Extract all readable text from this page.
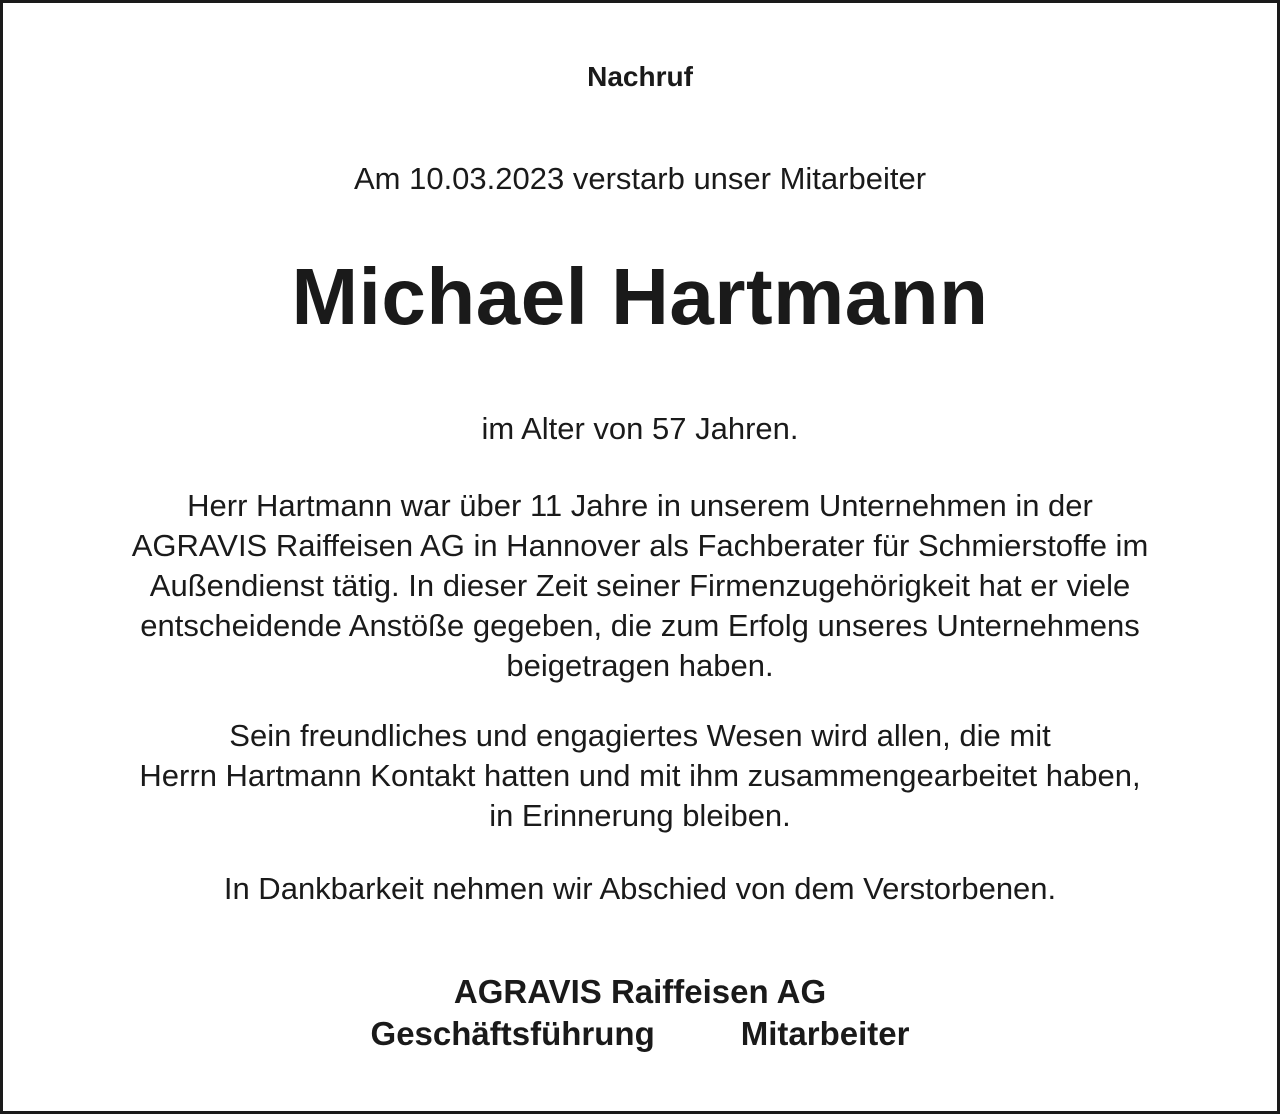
Nachruf
Am 10.03.2023 verstarb unser Mitarbeiter
Michael Hartmann
im Alter von 57 Jahren.
Herr Hartmann war über 11 Jahre in unserem Unternehmen in der
AGRAVIS Raiffeisen AG in Hannover als Fachberater für Schmierstoffe im
Außendienst tätig. In dieser Zeit seiner Firmenzugehörigkeit hat er viele
entscheidende Anstöße gegeben, die zum Erfolg unseres Unternehmens
beigetragen haben.
Sein freundliches und engagiertes Wesen wird allen, die mit
Herrn Hartmann Kontakt hatten und mit ihm zusammengearbeitet haben,
in Erinnerung bleiben.
In Dankbarkeit nehmen wir Abschied von dem Verstorbenen.
AGRAVIS Raiffeisen AG
Geschäftsführung	Mitarbeiter
